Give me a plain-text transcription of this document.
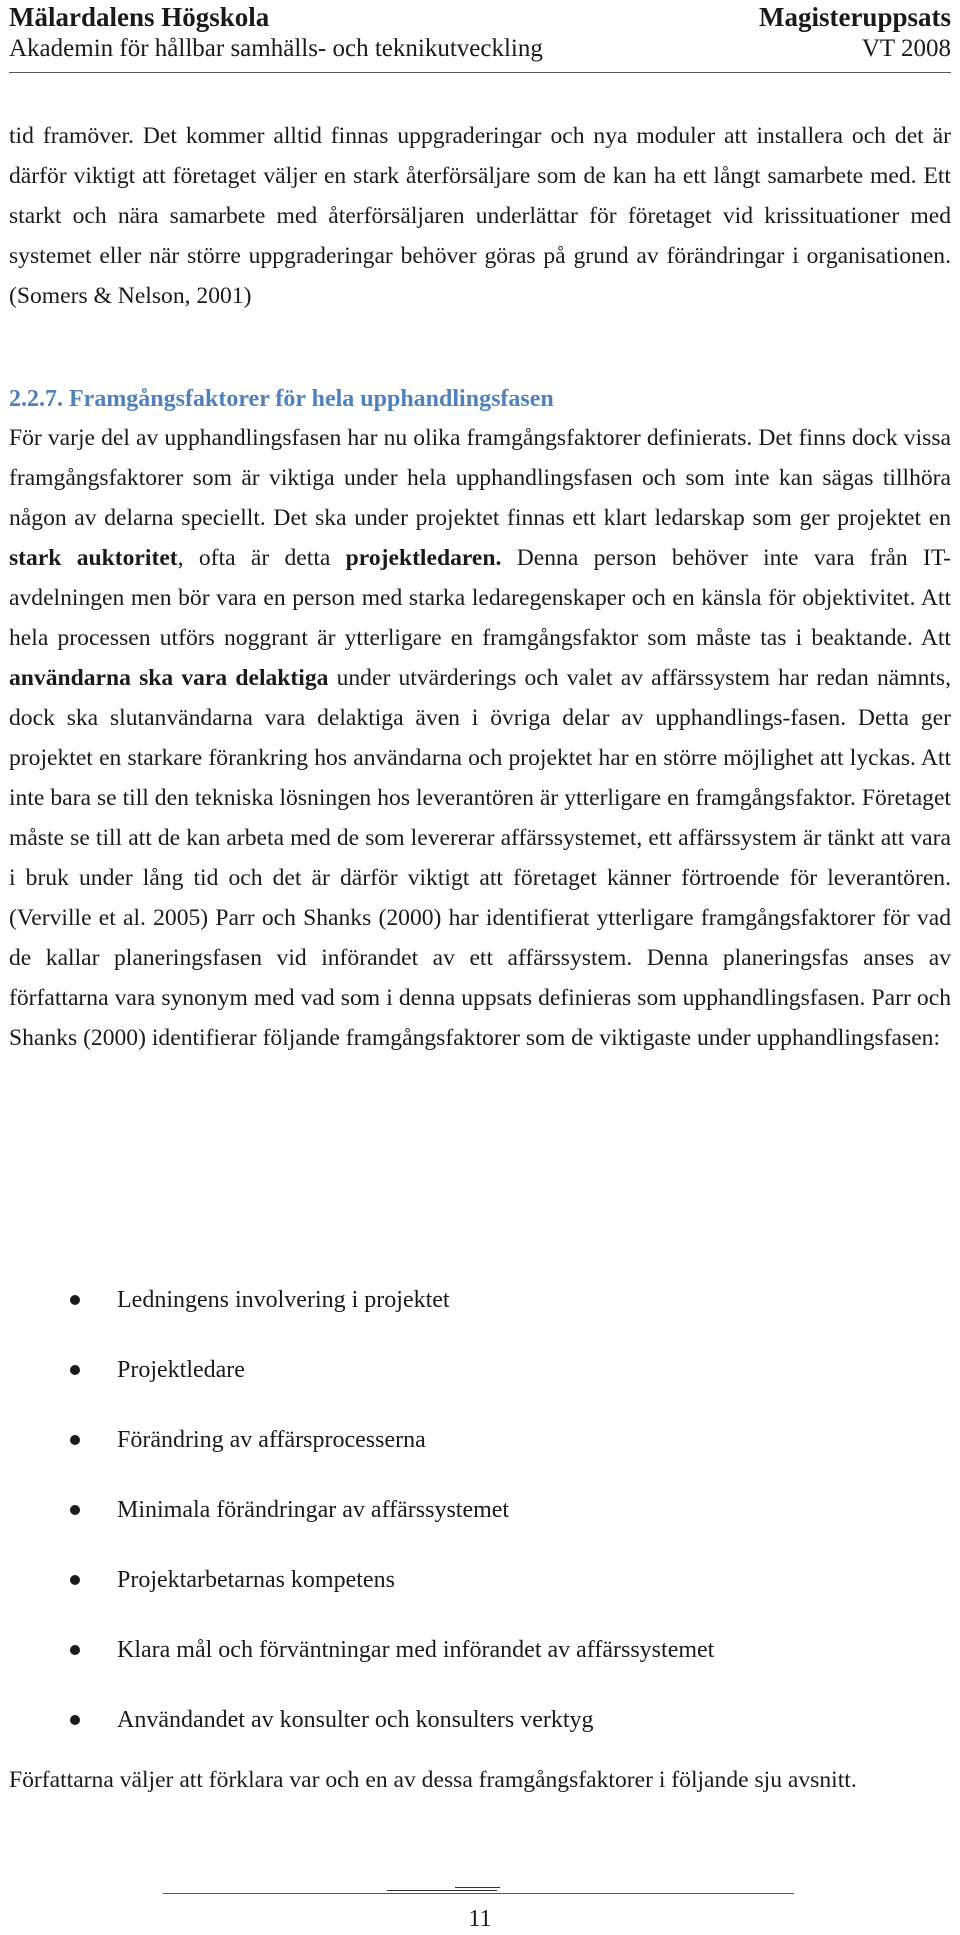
Mälardalens Högskola	Magisteruppsats
Akademin för hållbar samhälls- och teknikutveckling	VT 2008

tid framöver. Det kommer alltid finnas uppgraderingar och nya moduler att installera och det är därför viktigt att företaget väljer en stark återförsäljare som de kan ha ett långt samarbete med. Ett starkt och nära samarbete med återförsäljaren underlättar för företaget vid krissituationer med systemet eller när större uppgraderingar behöver göras på grund av förändringar i organisationen. (Somers & Nelson, 2001)

2.2.7. Framgångsfaktorer för hela upphandlingsfasen

För varje del av upphandlingsfasen har nu olika framgångsfaktorer definierats. Det finns dock vissa framgångsfaktorer som är viktiga under hela upphandlingsfasen och som inte kan sägas tillhöra någon av delarna speciellt. Det ska under projektet finnas ett klart ledarskap som ger projektet en stark auktoritet, ofta är detta projektledaren. Denna person behöver inte vara från IT-avdelningen men bör vara en person med starka ledaregenskaper och en känsla för objektivitet. Att hela processen utförs noggrant är ytterligare en framgångsfaktor som måste tas i beaktande. Att användarna ska vara delaktiga under utvärderings och valet av affärssystem har redan nämnts, dock ska slutanvändarna vara delaktiga även i övriga delar av upphandlings-fasen. Detta ger projektet en starkare förankring hos användarna och projektet har en större möjlighet att lyckas. Att inte bara se till den tekniska lösningen hos leverantören är ytterligare en framgångsfaktor. Företaget måste se till att de kan arbeta med de som levererar affärssystemet, ett affärssystem är tänkt att vara i bruk under lång tid och det är därför viktigt att företaget känner förtroende för leverantören. (Verville et al. 2005) Parr och Shanks (2000) har identifierat ytterligare framgångsfaktorer för vad de kallar planeringsfasen vid införandet av ett affärssystem. Denna planeringsfas anses av författarna vara synonym med vad som i denna uppsats definieras som upphandlingsfasen. Parr och Shanks (2000) identifierar följande framgångsfaktorer som de viktigaste under upphandlingsfasen:

Ledningens involvering i projektet
Projektledare
Förändring av affärsprocesserna
Minimala förändringar av affärssystemet
Projektarbetarnas kompetens
Klara mål och förväntningar med införandet av affärssystemet
Användandet av konsulter och konsulters verktyg

Författarna väljer att förklara var och en av dessa framgångsfaktorer i följande sju avsnitt.

11
